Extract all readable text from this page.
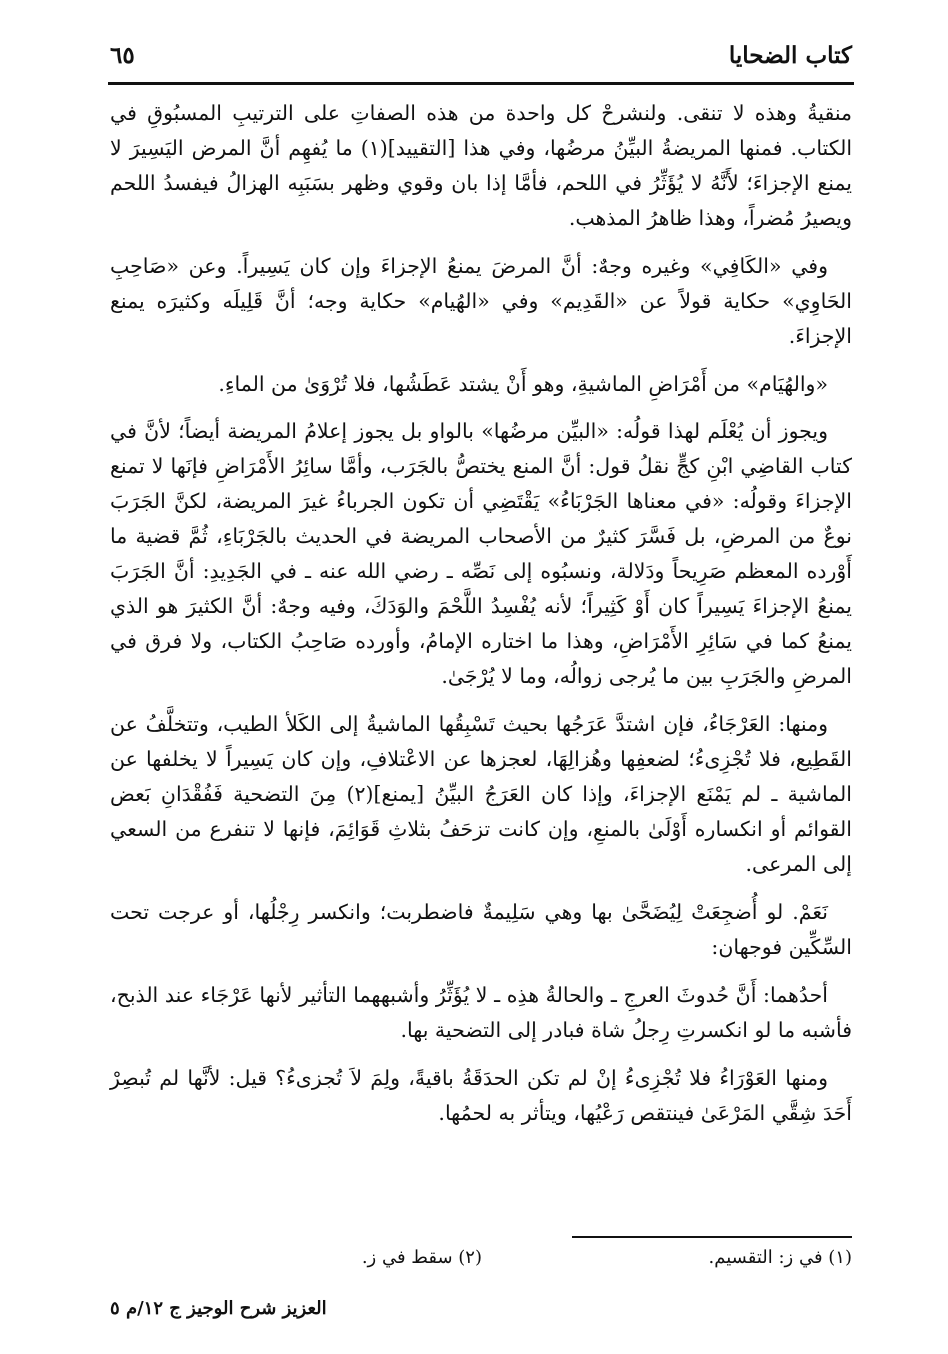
كتاب الضحايا
٦٥

منقيةُ وهذه لا تنقى. ولنشرحْ كل واحدة من هذه الصفاتِ على الترتيبِ المسبُوقِ في الكتاب. فمنها المريضةُ البيِّنُ مرضُها، وفي هذا [التقييد](١) ما يُفهِم أنَّ المرض اليَسِيرَ لا يمنع الإجزاءَ؛ لأَنَّهُ لا يُؤَثِّرُ في اللحم، فأمَّا إذا بان وقوي وظهر بسَبَبِه الهزالُ فيفسدُ اللحم ويصيرُ مُضراً، وهذا ظاهرُ المذهب.

وفي «الكَافِي» وغيره وجهٌ: أنَّ المرضَ يمنعُ الإجزاءَ وإن كان يَسِيراً. وعن «صَاحِبِ الحَاوِي» حكاية قولاً عن «القَدِيم» وفي «الهُيام» حكاية وجه؛ أنَّ قَلِيلَه وكثيرَه يمنع الإجزاءَ.

«والهُيَام» من أَمْرَاضِ الماشيةِ، وهو أَنْ يشتد عَطَشُها، فلا تُرْوَىٰ من الماءِ.

ويجوز أن يُعْلَم لهذا قولُه: «البيِّن مرضُها» بالواو بل يجوز إعلامُ المريضة أيضاً؛ لأنَّ في كتاب القاضِي ابْنِ كجٍّ نقلُ قول: أنَّ المنع يختصُّ بالجَرَب، وأمَّا سائِرُ الأَمْرَاضِ فإنَها لا تمنع الإجزاءَ وقولُه: «في معناها الجَرْبَاءُ» يَقْتَضِي أن تكون الجرباءُ غيرَ المريضة، لكنَّ الجَرَبَ نوعٌ من المرضِ، بل فَسَّرَ كثيرٌ من الأصحاب المريضة في الحديث بالجَرْبَاءِ، ثُمَّ قضية ما أَوْرده المعظم صَرِيحاً ودَلالة، ونسبُوه إلى نَصِّه ـ رضي الله عنه ـ في الجَدِيدِ: أنَّ الجَرَبَ يمنعُ الإجزاءَ يَسِيراً كان أَوْ كَثِيراً؛ لأنه يُفْسِدُ اللَّحْمَ والوَدَكَ، وفيه وجهٌ: أنَّ الكثيرَ هو الذي يمنعُ كما في سَائِرِ الأَمْرَاضِ، وهذا ما اختاره الإمامُ، وأورده صَاحِبُ الكتاب، ولا فرق في المرضِ والجَرَبِ بين ما يُرجى زوالُه، وما لا يُرْجَىٰ.

ومنها: العَرْجَاءُ، فإن اشتدَّ عَرَجُها بحيث تَسْبِقُها الماشيةُ إلى الكَلأ الطيب، وتتخلَّفُ عن القَطِيع، فلا تُجْزِىءُ؛ لضعفِها وهُزالِهَا، لعجزها عن الاعْتلافِ، وإن كان يَسِيراً لا يخلفها عن الماشية ـ لم يَمْنَع الإجزاءَ، وإذا كان العَرَجُ البيِّنُ [يمنع](٢) مِنَ التضحية فَفُقْدَانِ بَعض القوائم أو انكساره أَوْلَىٰ بالمنعِ، وإن كانت تزحَفُ بثلاثِ قَوَائِمَ، فإنها لا تنفرع من السعي إلى المرعى.

نَعَمْ. لو أُضجِعَتْ لِيُضَحَّىٰ بها وهي سَلِيمةٌ فاضطربت؛ وانكسر رِجْلُها، أو عرجت تحت السِّكِّين فوجهان:

أحدُهما: أَنَّ حُدوثَ العرجِ ـ والحالةُ هذِه ـ لا يُؤَثِّرُ وأشبههما التأثير لأنها عَرْجَاء عند الذبح، فأشبه ما لو انكسرتِ رِجلُ شاة فبادر إلى التضحية بها.

ومنها العَوْرَاءُ فلا تُجْزِىءُ إنْ لم تكن الحدَقَةُ باقيةً، ولِمَ لاَ تُجزىءُ؟ قيل: لأنَّها لم تُبصِرْ أَحَدَ شِقَّي المَرْعَىٰ فينتقص رَعْيُها، ويتأثر به لحمُها.

(١) في ز: التقسيم.
(٢) سقط في ز.
العزيز شرح الوجيز ج ١٢/م ٥
